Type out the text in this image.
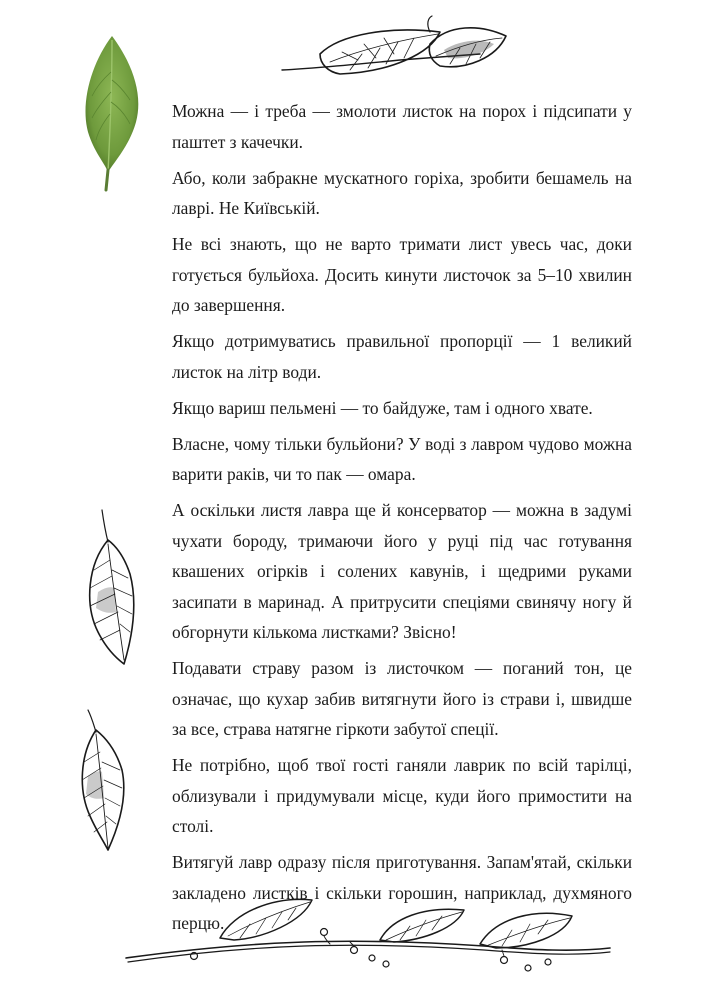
Можна — і треба — змолоти листок на порох і підсипати у паштет з качечки.

Або, коли забракне мускатного горіха, зробити бешамель на лаврі. Не Київській.

Не всі знають, що не варто тримати лист увесь час, доки готується бульйоха. Досить кинути листочок за 5–10 хвилин до завершення.

Якщо дотримуватись правильної пропорції — 1 великий листок на літр води.

Якщо вариш пельмені — то байдуже, там і одного хвате.

Власне, чому тільки бульйони? У воді з лавром чудово можна варити раків, чи то пак — омара.

А оскільки листя лавра ще й консерватор — можна в задумі чухати бороду, тримаючи його у руці під час готування квашених огірків і солених кавунів, і щедрими руками засипати в маринад. А притрусити спеціями свинячу ногу й обгорнути кількома листками? Звісно!

Подавати страву разом із листочком — поганий тон, це означає, що кухар забив витягнути його із страви і, швидше за все, страва натягне гіркоти забутої спеції.

Не потрібно, щоб твої гості ганяли лаврик по всій тарілці, облизували і придумували місце, куди його примостити на столі.

Витягуй лавр одразу після приготування. Запам'ятай, скільки закладено листків і скільки горошин, наприклад, духмяного перцю.
